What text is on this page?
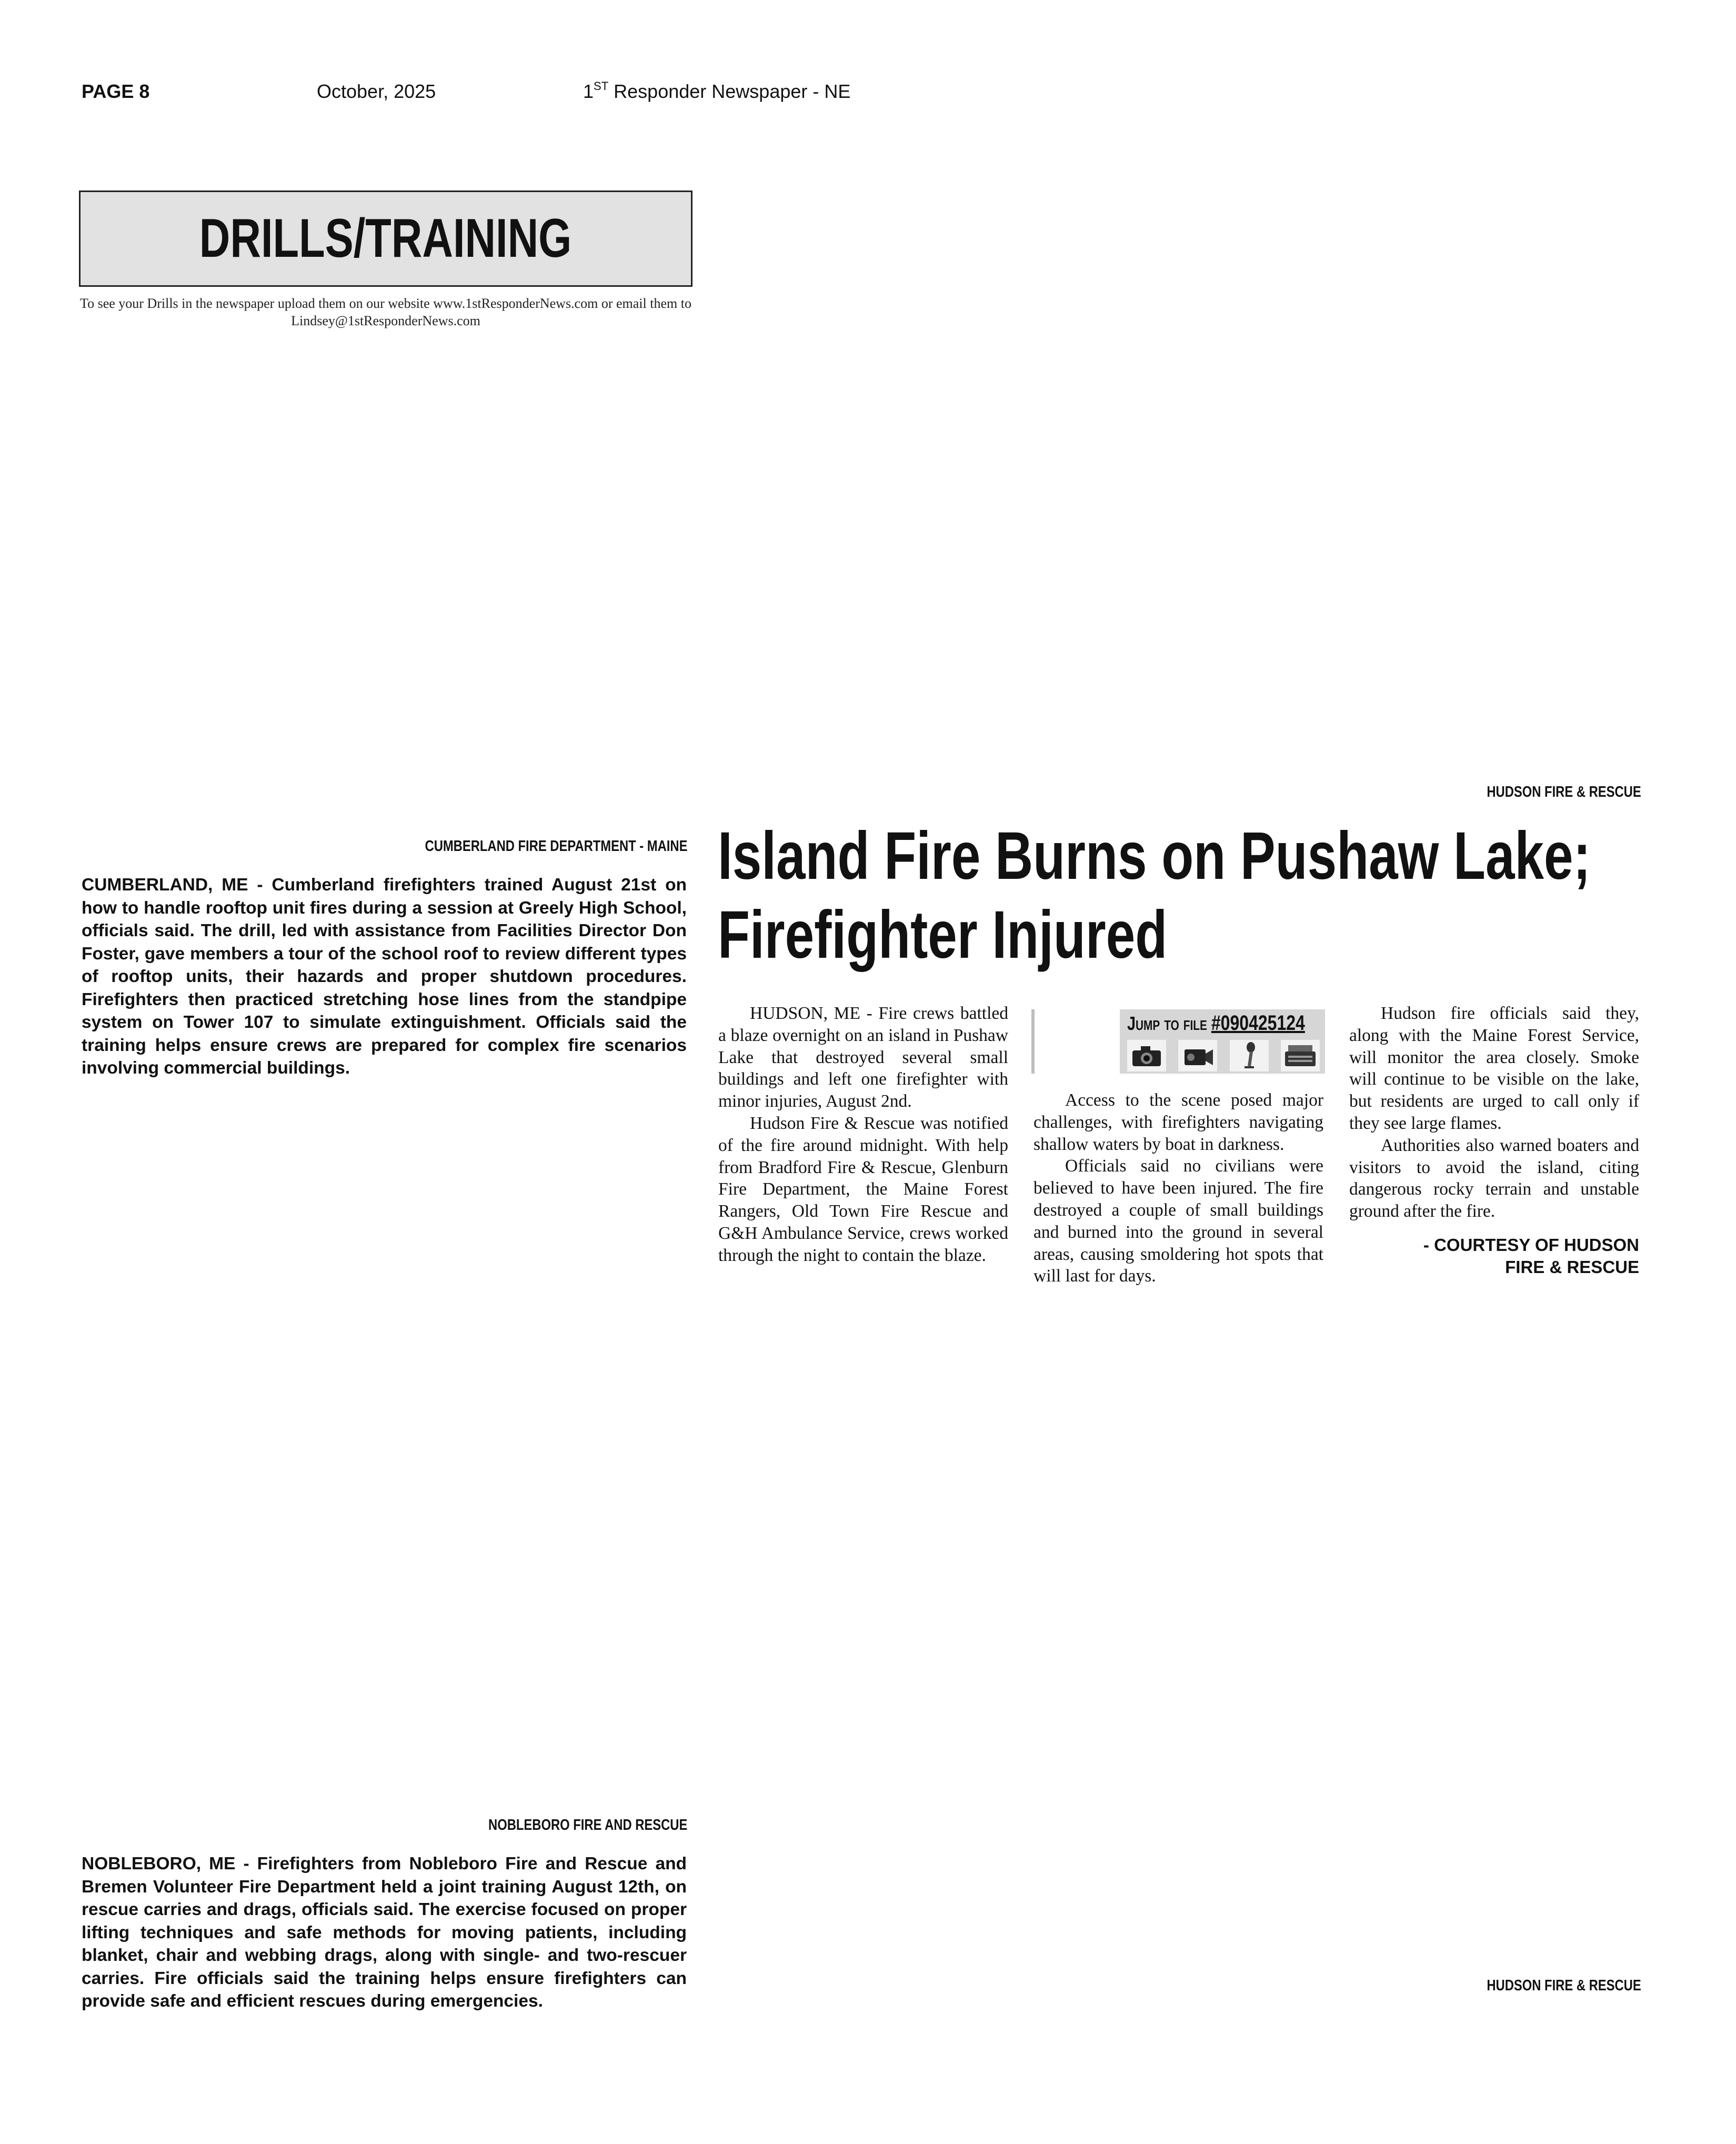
PAGE 8	October, 2025	1ST Responder Newspaper - NE
DRILLS/TRAINING
To see your Drills in the newspaper upload them on our website www.1stResponderNews.com or email them to Lindsey@1stResponderNews.com
CUMBERLAND FIRE DEPARTMENT - MAINE
CUMBERLAND, ME - Cumberland firefighters trained August 21st on how to handle rooftop unit fires during a session at Greely High School, officials said. The drill, led with assistance from Facilities Director Don Foster, gave members a tour of the school roof to review different types of rooftop units, their hazards and proper shutdown procedures. Firefighters then practiced stretching hose lines from the standpipe system on Tower 107 to simulate extinguishment. Officials said the training helps ensure crews are prepared for complex fire scenarios involving commercial buildings.
HUDSON FIRE & RESCUE
Island Fire Burns on Pushaw Lake;
Firefighter Injured

HUDSON, ME - Fire crews battled a blaze overnight on an island in Pushaw Lake that destroyed several small buildings and left one firefighter with minor injuries, August 2nd.

Hudson Fire & Rescue was notified of the fire around midnight. With help from Bradford Fire & Rescue, Glenburn Fire Department, the Maine Forest Rangers, Old Town Fire Rescue and G&H Ambulance Service, crews worked through the night to contain the blaze.

JUMP TO FILE #090425124

Access to the scene posed major challenges, with firefighters navigating shallow waters by boat in darkness.

Officials said no civilians were believed to have been injured. The fire destroyed a couple of small buildings and burned into the ground in several areas, causing smoldering hot spots that will last for days.

Hudson fire officials said they, along with the Maine Forest Service, will monitor the area closely. Smoke will continue to be visible on the lake, but residents are urged to call only if they see large flames.

Authorities also warned boaters and visitors to avoid the island, citing dangerous rocky terrain and unstable ground after the fire.

- COURTESY OF HUDSON
FIRE & RESCUE
NOBLEBORO FIRE AND RESCUE
NOBLEBORO, ME - Firefighters from Nobleboro Fire and Rescue and Bremen Volunteer Fire Department held a joint training August 12th, on rescue carries and drags, officials said. The exercise focused on proper lifting techniques and safe methods for moving patients, including blanket, chair and webbing drags, along with single- and two-rescuer carries. Fire officials said the training helps ensure firefighters can provide safe and efficient rescues during emergencies.
HUDSON FIRE & RESCUE
